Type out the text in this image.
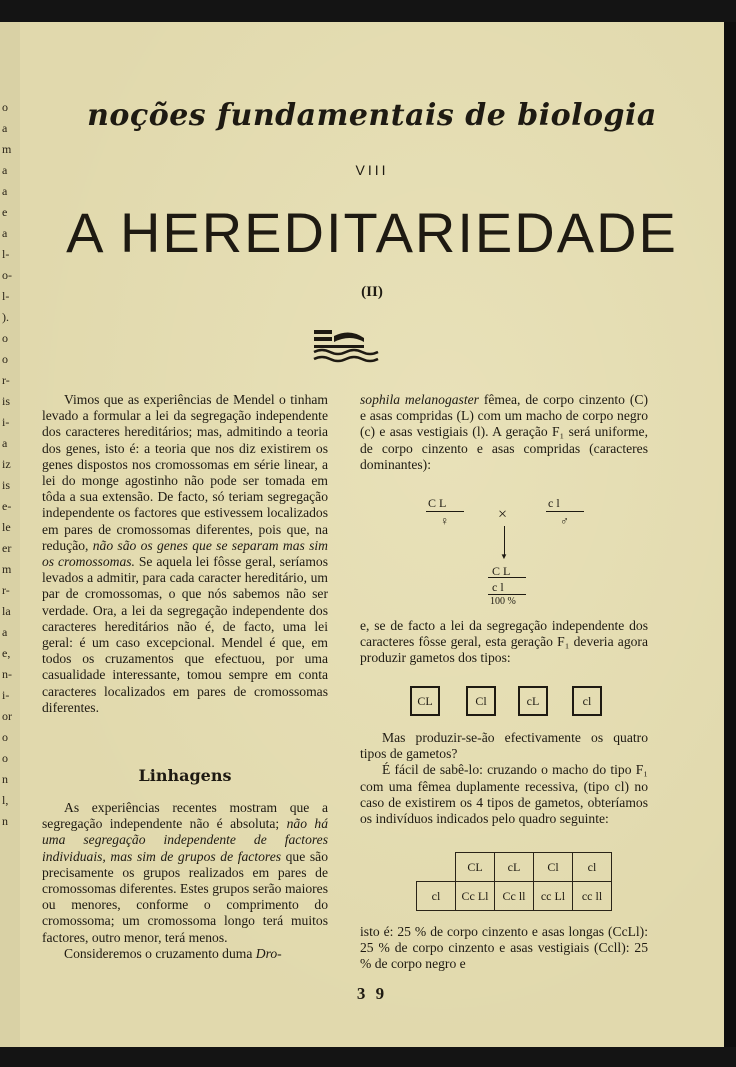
o
a
m
a
a
e
a
l-
o-
l-
).
o
o
r-
is
i-
a
iz
is
e-
le
er
m
r-
la
a
e,
n-
i-
or
o
o
n
l,
n
noções fundamentais de biologia
VIII
A HEREDITARIEDADE
(II)

Vimos que as experiências de Mendel o tinham levado a formular a lei da segregação independente dos caracteres hereditários; mas, admitindo a teoria dos genes, isto é: a teoria que nos diz existirem os genes dispostos nos cromossomas em série linear, a lei do monge agostinho não pode ser tomada em tôda a sua extensão. De facto, só teriam segregação independente os factores que estivessem localizados em pares de cromossomas diferentes, pois que, na redução, não são os genes que se separam mas sim os cromossomas. Se aquela lei fôsse geral, seríamos levados a admitir, para cada caracter hereditário, um par de cromossomas, o que nós sabemos não ser verdade. Ora, a lei da segregação independente dos caracteres hereditários não é, de facto, uma lei geral: é um caso excepcional. Mendel é que, em todos os cruzamentos que efectuou, por uma casualidade interessante, tomou sempre em conta caracteres localizados em pares de cromossomas diferentes.

Linhagens

As experiências recentes mostram que a segregação independente não é absoluta; não há uma segregação independente de factores individuais, mas sim de grupos de factores que são precisamente os grupos realizados em pares de cromossomas diferentes. Estes grupos serão maiores ou menores, conforme o comprimento do cromossoma; um cromossoma longo terá muitos factores, outro menor, terá menos.

Consideremos o cruzamento duma Dro-

sophila melanogaster fêmea, de corpo cinzento (C) e asas compridas (L) com um macho de corpo negro (c) e asas vestigiais (l). A geração F₁ será uniforme, de corpo cinzento e asas compridas (caracteres dominantes):

C L
♀	×
c l
♂
▼
C L
c l
100 %

e, se de facto a lei da segregação independente dos caracteres fôsse geral, esta geração F₁ deveria agora produzir gametos dos tipos:

CL	Cl	cL	cl

Mas produzir-se-ão efectivamente os quatro tipos de gametos?

É fácil de sabê-lo: cruzando o macho do tipo F₁ com uma fêmea duplamente recessiva, (tipo cl) no caso de existirem os 4 tipos de gametos, obteríamos os indivíduos indicados pelo quadro seguinte:

	CL	cL	Cl	cl
cl	Cc Ll	Cc ll	cc Ll	cc ll

isto é: 25 % de corpo cinzento e asas longas (CcLl): 25 % de corpo cinzento e asas vestigiais (Ccll): 25 % de corpo negro e

3 9
